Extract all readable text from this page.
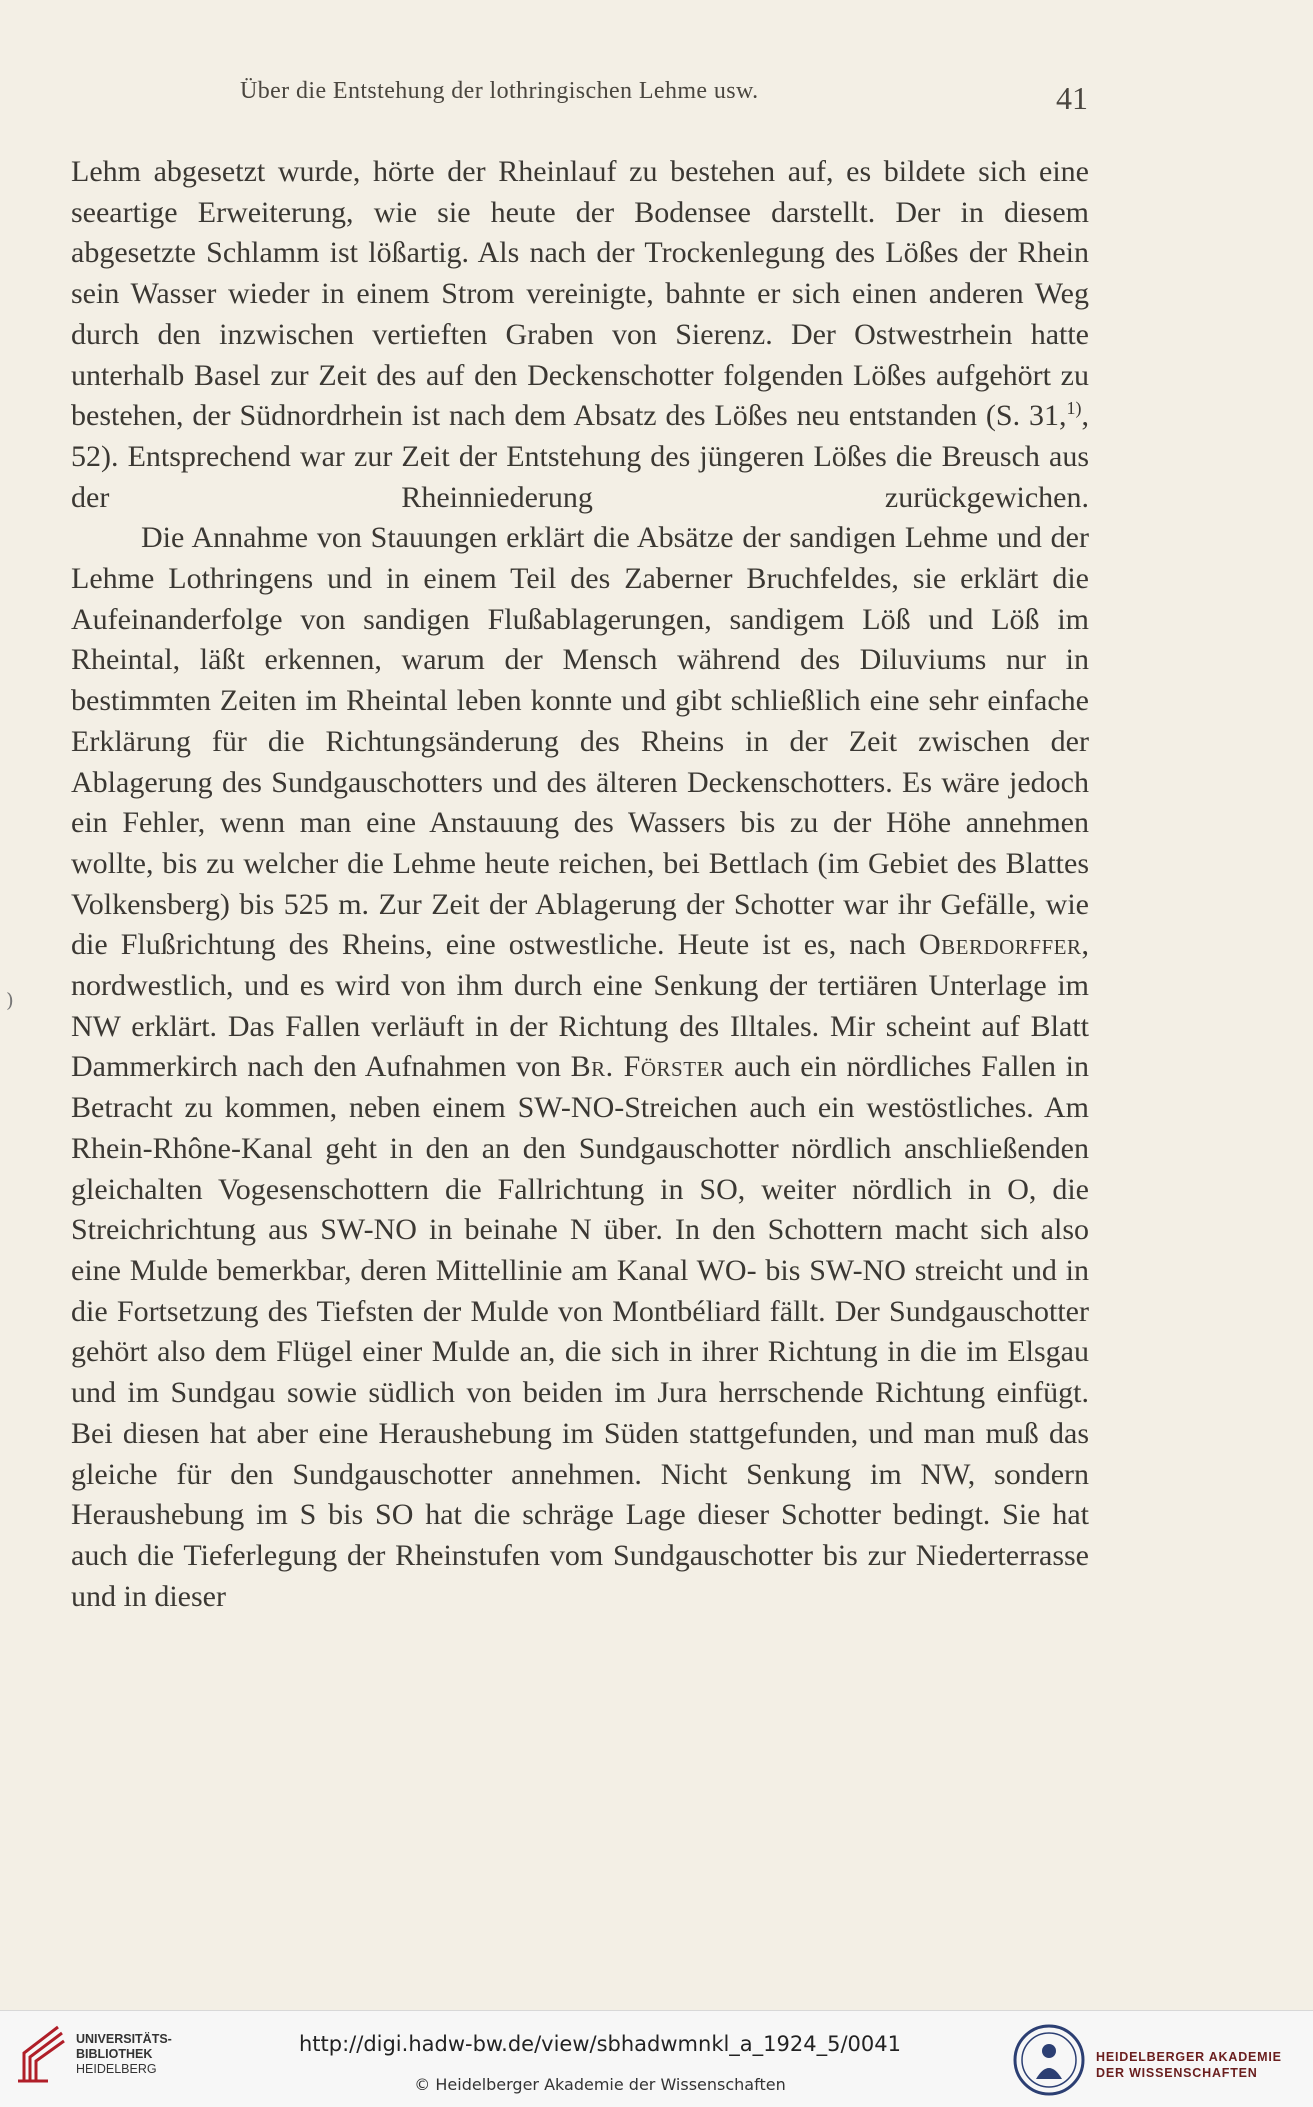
Über die Entstehung der lothringischen Lehme usw.	41
)

Lehm abgesetzt wurde, hörte der Rheinlauf zu bestehen auf, es bildete sich eine seeartige Erweiterung, wie sie heute der Bodensee darstellt. Der in diesem abgesetzte Schlamm ist lößartig. Als nach der Trockenlegung des Lößes der Rhein sein Wasser wieder in einem Strom vereinigte, bahnte er sich einen anderen Weg durch den inzwischen vertieften Graben von Sierenz. Der Ostwestrhein hatte unterhalb Basel zur Zeit des auf den Deckenschotter folgenden Lößes aufgehört zu bestehen, der Südnordrhein ist nach dem Absatz des Lößes neu entstanden (S. 31,$^{1)}$, 52). Entsprechend war zur Zeit der Entstehung des jüngeren Lößes die Breusch aus der Rheinniederung zurückgewichen.

Die Annahme von Stauungen erklärt die Absätze der sandigen Lehme und der Lehme Lothringens und in einem Teil des Zaberner Bruchfeldes, sie erklärt die Aufeinanderfolge von sandigen Flußablagerungen, sandigem Löß und Löß im Rheintal, läßt erkennen, warum der Mensch während des Diluviums nur in bestimmten Zeiten im Rheintal leben konnte und gibt schließlich eine sehr einfache Erklärung für die Richtungsänderung des Rheins in der Zeit zwischen der Ablagerung des Sundgauschotters und des älteren Deckenschotters. Es wäre jedoch ein Fehler, wenn man eine Anstauung des Wassers bis zu der Höhe annehmen wollte, bis zu welcher die Lehme heute reichen, bei Bettlach (im Gebiet des Blattes Volkensberg) bis 525 m. Zur Zeit der Ablagerung der Schotter war ihr Gefälle, wie die Flußrichtung des Rheins, eine ostwestliche. Heute ist es, nach Oberdorffer, nordwestlich, und es wird von ihm durch eine Senkung der tertiären Unterlage im NW erklärt. Das Fallen verläuft in der Richtung des Illtales. Mir scheint auf Blatt Dammerkirch nach den Aufnahmen von Br. Förster auch ein nördliches Fallen in Betracht zu kommen, neben einem SW-NO-Streichen auch ein westöstliches. Am Rhein-Rhône-Kanal geht in den an den Sundgauschotter nördlich anschließenden gleichalten Vogesenschottern die Fallrichtung in SO, weiter nördlich in O, die Streichrichtung aus SW-NO in beinahe N über. In den Schottern macht sich also eine Mulde bemerkbar, deren Mittellinie am Kanal WO- bis SW-NO streicht und in die Fortsetzung des Tiefsten der Mulde von Montbéliard fällt. Der Sundgauschotter gehört also dem Flügel einer Mulde an, die sich in ihrer Richtung in die im Elsgau und im Sundgau sowie südlich von beiden im Jura herrschende Richtung einfügt. Bei diesen hat aber eine Heraushebung im Süden stattgefunden, und man muß das gleiche für den Sundgauschotter annehmen. Nicht Senkung im NW, sondern Heraushebung im S bis SO hat die schräge Lage dieser Schotter bedingt. Sie hat auch die Tieferlegung der Rheinstufen vom Sundgauschotter bis zur Niederterrasse und in dieser

UNIVERSITÄTS-
BIBLIOTHEK
HEIDELBERG
http://digi.hadw-bw.de/view/sbhadwmnkl_a_1924_5/0041
© Heidelberger Akademie der Wissenschaften
HEIDELBERGER AKADEMIE
DER WISSENSCHAFTEN
